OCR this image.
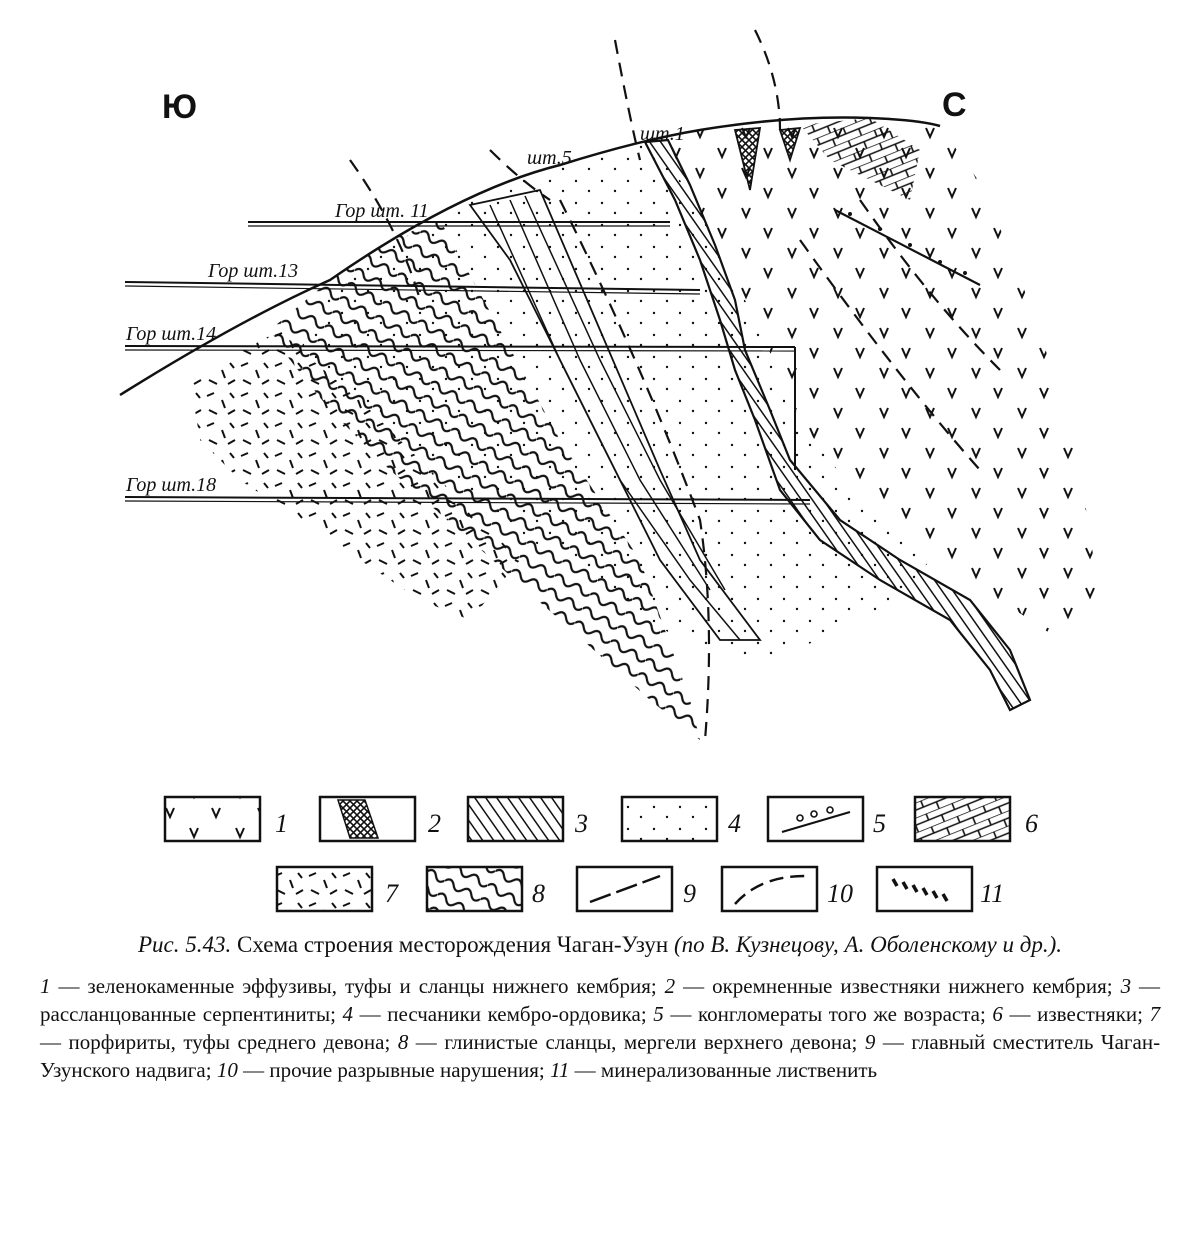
Ю	С
шт.1
шт.5
Гор шт. 11
Гор шт.13
Гор шт.14
Гор шт.18
1	2	3	4	5	6
7	8	9	10	11

Рис. 5.43. Схема строения месторождения Чаган-Узун (по В. Кузнецову, А. Оболенскому и др.).

1 — зеленокаменные эффузивы, туфы и сланцы нижнего кембрия; 2 — окремненные известняки нижнего кембрия; 3 — рассланцованные серпентиниты; 4 — песчаники кембро-ордовика; 5 — конгломераты того же возраста; 6 — известняки; 7 — порфириты, туфы среднего девона; 8 — глинистые сланцы, мергели верхнего девона; 9 — главный сместитель Чаган-Узунского надвига; 10 — прочие разрывные нарушения; 11 — минерализованные лиственить
